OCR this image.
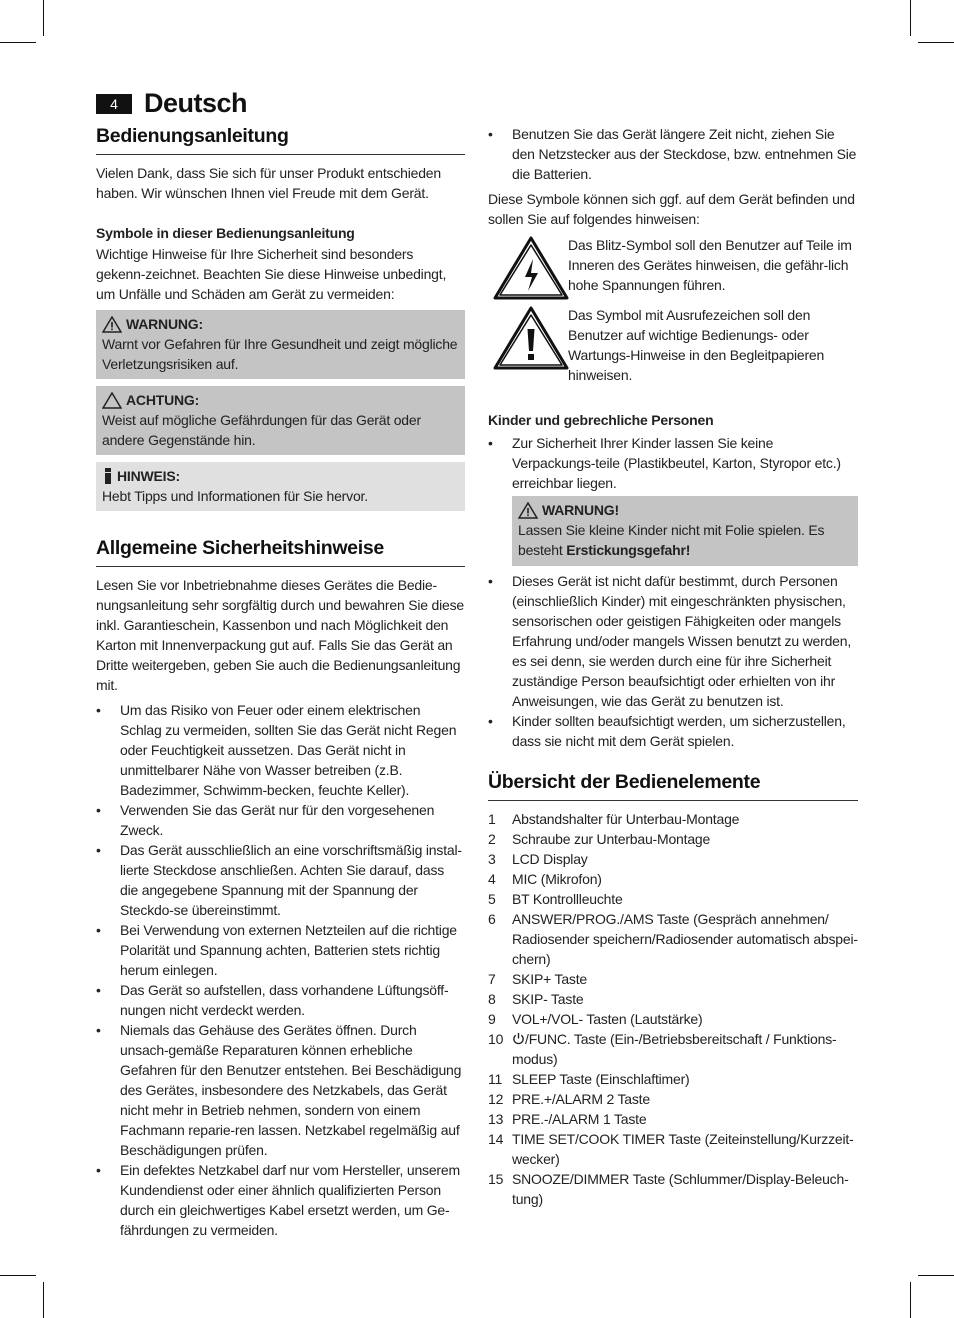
4 Deutsch
Bedienungsanleitung

Vielen Dank, dass Sie sich für unser Produkt entschieden haben. Wir wünschen Ihnen viel Freude mit dem Gerät.

Symbole in dieser Bedienungsanleitung

Wichtige Hinweise für Ihre Sicherheit sind besonders gekenn-zeichnet. Beachten Sie diese Hinweise unbedingt, um Unfälle und Schäden am Gerät zu vermeiden:

WARNUNG:
Warnt vor Gefahren für Ihre Gesundheit und zeigt mögliche Verletzungsrisiken auf.
ACHTUNG:
Weist auf mögliche Gefährdungen für das Gerät oder andere Gegenstände hin.
HINWEIS:
Hebt Tipps und Informationen für Sie hervor.
Allgemeine Sicherheitshinweise

Lesen Sie vor Inbetriebnahme dieses Gerätes die Bedie-nungsanleitung sehr sorgfältig durch und bewahren Sie diese inkl. Garantieschein, Kassenbon und nach Möglichkeit den Karton mit Innenverpackung gut auf. Falls Sie das Gerät an Dritte weitergeben, geben Sie auch die Bedienungsanleitung mit.

• Um das Risiko von Feuer oder einem elektrischen Schlag zu vermeiden, sollten Sie das Gerät nicht Regen oder Feuchtigkeit aussetzen. Das Gerät nicht in unmittelbarer Nähe von Wasser betreiben (z.B. Badezimmer, Schwimm-becken, feuchte Keller).
• Verwenden Sie das Gerät nur für den vorgesehenen Zweck.
• Das Gerät ausschließlich an eine vorschriftsmäßig instal-lierte Steckdose anschließen. Achten Sie darauf, dass die angegebene Spannung mit der Spannung der Steckdo-se übereinstimmt.
• Bei Verwendung von externen Netzteilen auf die richtige Polarität und Spannung achten, Batterien stets richtig herum einlegen.
• Das Gerät so aufstellen, dass vorhandene Lüftungsöff-nungen nicht verdeckt werden.
• Niemals das Gehäuse des Gerätes öffnen. Durch unsach-gemäße Reparaturen können erhebliche Gefahren für den Benutzer entstehen. Bei Beschädigung des Gerätes, insbesondere des Netzkabels, das Gerät nicht mehr in Betrieb nehmen, sondern von einem Fachmann reparie-ren lassen. Netzkabel regelmäßig auf Beschädigungen prüfen.
• Ein defektes Netzkabel darf nur vom Hersteller, unserem Kundendienst oder einer ähnlich qualifizierten Person durch ein gleichwertiges Kabel ersetzt werden, um Ge-fährdungen zu vermeiden.
• Benutzen Sie das Gerät längere Zeit nicht, ziehen Sie den Netzstecker aus der Steckdose, bzw. entnehmen Sie die Batterien.

Diese Symbole können sich ggf. auf dem Gerät befinden und sollen Sie auf folgendes hinweisen:

Das Blitz-Symbol soll den Benutzer auf Teile im Inneren des Gerätes hinweisen, die gefähr-lich hohe Spannungen führen.

Das Symbol mit Ausrufezeichen soll den Benutzer auf wichtige Bedienungs- oder Wartungs-Hinweise in den Begleitpapieren hinweisen.

Kinder und gebrechliche Personen
• Zur Sicherheit Ihrer Kinder lassen Sie keine Verpackungs-teile (Plastikbeutel, Karton, Styropor etc.) erreichbar liegen.
WARNUNG!
Lassen Sie kleine Kinder nicht mit Folie spielen. Es besteht Erstickungsgefahr!
• Dieses Gerät ist nicht dafür bestimmt, durch Personen (einschließlich Kinder) mit eingeschränkten physischen, sensorischen oder geistigen Fähigkeiten oder mangels Erfahrung und/oder mangels Wissen benutzt zu werden, es sei denn, sie werden durch eine für ihre Sicherheit zuständige Person beaufsichtigt oder erhielten von ihr Anweisungen, wie das Gerät zu benutzen ist.
• Kinder sollten beaufsichtigt werden, um sicherzustellen, dass sie nicht mit dem Gerät spielen.
Übersicht der Bedienelemente
1	Abstandshalter für Unterbau-Montage
2	Schraube zur Unterbau-Montage
3	LCD Display
4	MIC (Mikrofon)
5	BT Kontrollleuchte
6	ANSWER/PROG./AMS Taste (Gespräch annehmen/ Radiosender speichern/Radiosender automatisch abspei-chern)
7	SKIP+ Taste
8	SKIP- Taste
9	VOL+/VOL- Tasten (Lautstärke)
10	/FUNC. Taste (Ein-/Betriebsbereitschaft / Funktions-modus)
11 SLEEP Taste (Einschlaftimer)
12 PRE.+/ALARM 2 Taste
13 PRE.-/ALARM 1 Taste
14 TIME SET/COOK TIMER Taste (Zeiteinstellung/Kurzzeit-wecker)
15 SNOOZE/DIMMER Taste (Schlummer/Display-Beleuch-tung)
